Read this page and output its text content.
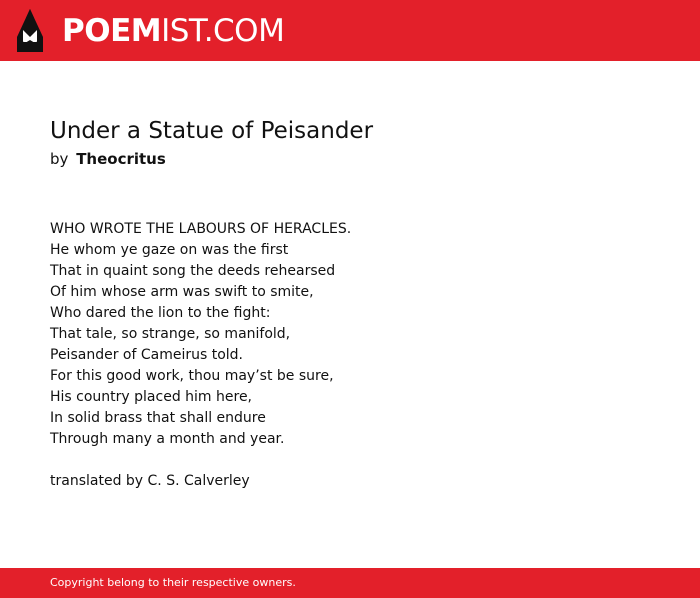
POEMIST.COM
Under a Statue of Peisander
by Theocritus
WHO WROTE THE LABOURS OF HERACLES.
He whom ye gaze on was the first
That in quaint song the deeds rehearsed
Of him whose arm was swift to smite,
Who dared the lion to the fight:
That tale, so strange, so manifold,
Peisander of Cameirus told.
For this good work, thou may’st be sure,
His country placed him here,
In solid brass that shall endure
Through many a month and year.
translated by C. S. Calverley
Copyright belong to their respective owners.
